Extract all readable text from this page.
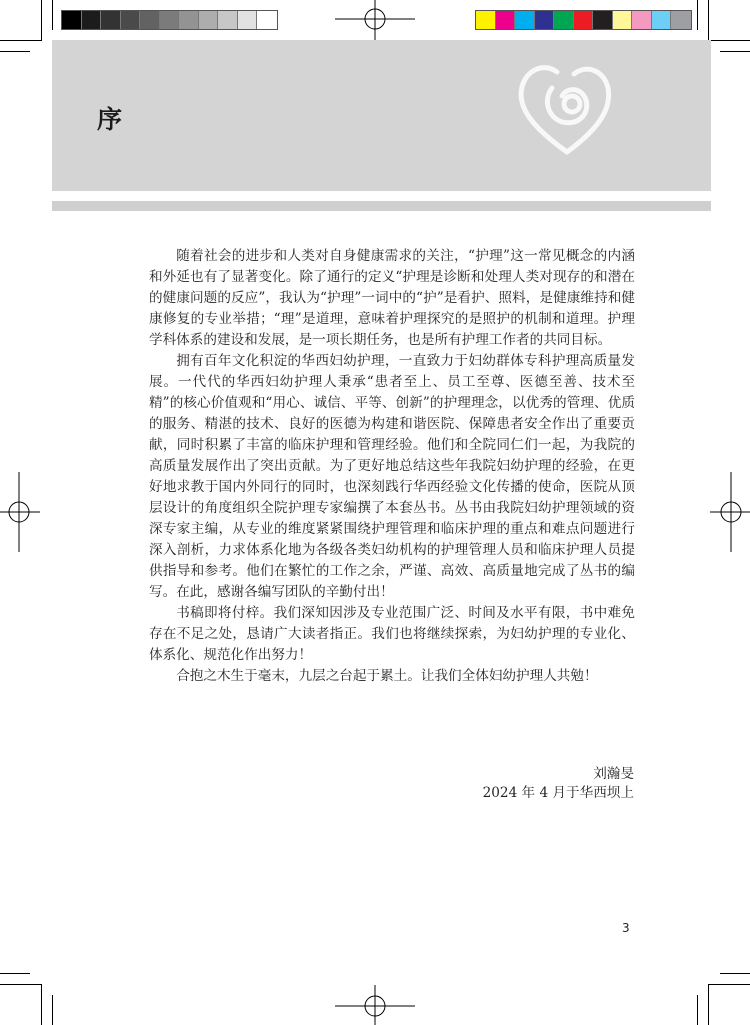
序

随着社会的进步和人类对自身健康需求的关注，“护理”这一常见概念的内涵和外延也有了显著变化。除了通行的定义“护理是诊断和处理人类对现存的和潜在的健康问题的反应”，我认为“护理”一词中的“护”是看护、照料，是健康维持和健康修复的专业举措；“理”是道理，意味着护理探究的是照护的机制和道理。护理学科体系的建设和发展，是一项长期任务，也是所有护理工作者的共同目标。

拥有百年文化积淀的华西妇幼护理，一直致力于妇幼群体专科护理高质量发展。一代代的华西妇幼护理人秉承“患者至上、员工至尊、医德至善、技术至精”的核心价值观和“用心、诚信、平等、创新”的护理理念，以优秀的管理、优质的服务、精湛的技术、良好的医德为构建和谐医院、保障患者安全作出了重要贡献，同时积累了丰富的临床护理和管理经验。他们和全院同仁们一起，为我院的高质量发展作出了突出贡献。为了更好地总结这些年我院妇幼护理的经验，在更好地求教于国内外同行的同时，也深刻践行华西经验文化传播的使命，医院从顶层设计的角度组织全院护理专家编撰了本套丛书。丛书由我院妇幼护理领域的资深专家主编，从专业的维度紧紧围绕护理管理和临床护理的重点和难点问题进行深入剖析，力求体系化地为各级各类妇幼机构的护理管理人员和临床护理人员提供指导和参考。他们在繁忙的工作之余，严谨、高效、高质量地完成了丛书的编写。在此，感谢各编写团队的辛勤付出！

书稿即将付梓。我们深知因涉及专业范围广泛、时间及水平有限，书中难免存在不足之处，恳请广大读者指正。我们也将继续探索，为妇幼护理的专业化、体系化、规范化作出努力！

合抱之木生于毫末，九层之台起于累土。让我们全体妇幼护理人共勉！

刘瀚旻
2024 年 4 月于华西坝上
3
